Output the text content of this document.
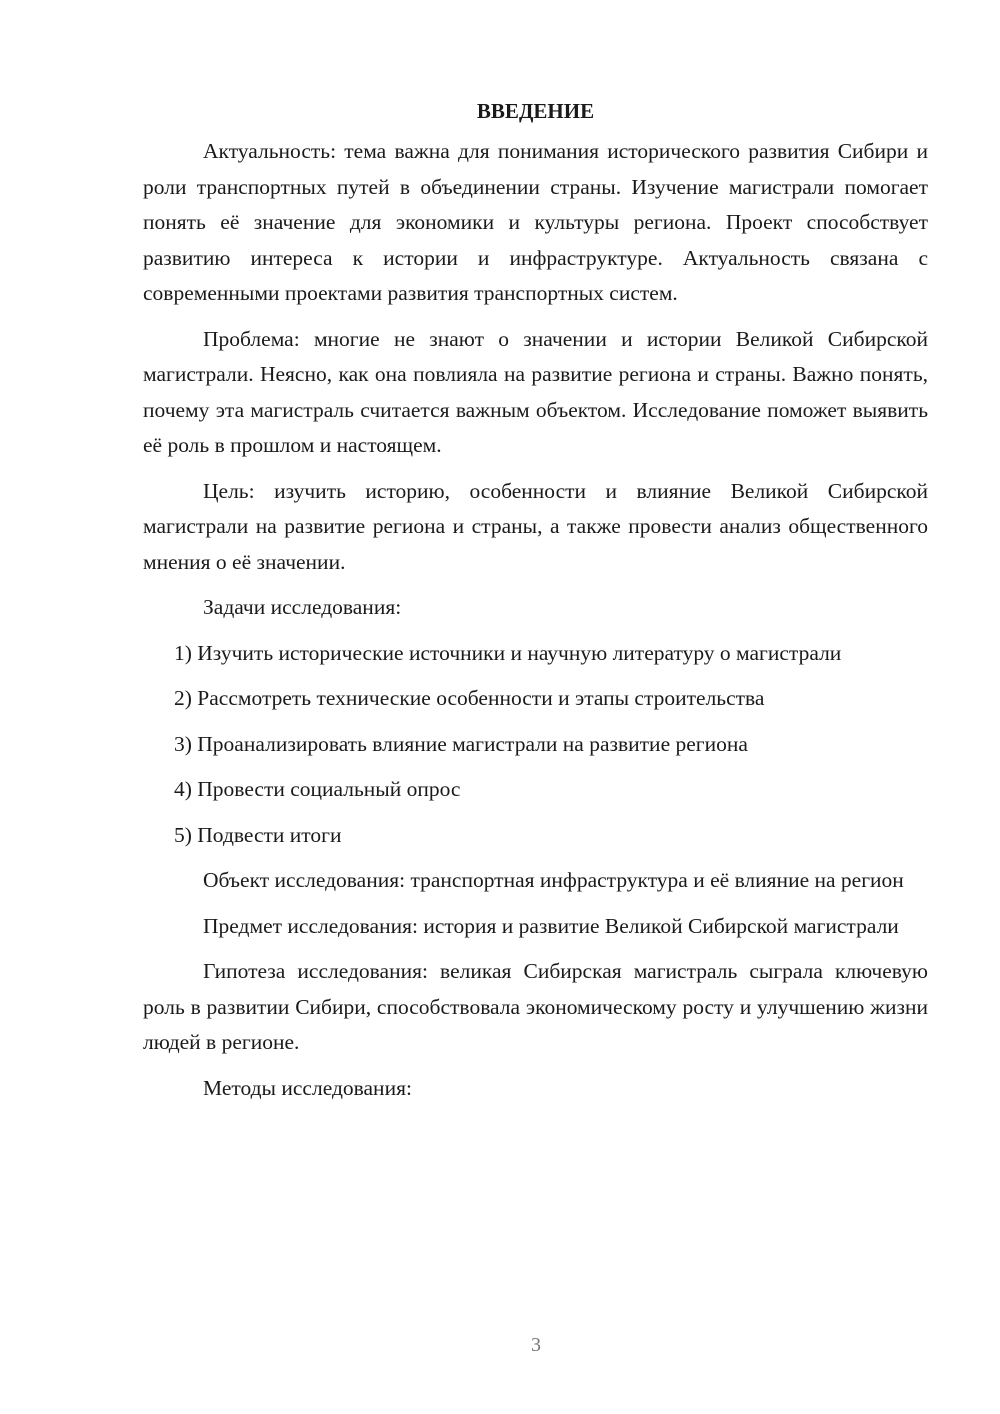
ВВЕДЕНИЕ

Актуальность: тема важна для понимания исторического развития Сибири и роли транспортных путей в объединении страны. Изучение магистрали помогает понять её значение для экономики и культуры региона. Проект способствует развитию интереса к истории и инфраструктуре. Актуальность связана с современными проектами развития транспортных систем.

Проблема: многие не знают о значении и истории Великой Сибирской магистрали. Неясно, как она повлияла на развитие региона и страны. Важно понять, почему эта магистраль считается важным объектом. Исследование поможет выявить её роль в прошлом и настоящем.

Цель: изучить историю, особенности и влияние Великой Сибирской магистрали на развитие региона и страны, а также провести анализ общественного мнения о её значении.

Задачи исследования:

1) Изучить исторические источники и научную литературу о магистрали

2) Рассмотреть технические особенности и этапы строительства

3) Проанализировать влияние магистрали на развитие региона

4) Провести социальный опрос

5) Подвести итоги

Объект исследования: транспортная инфраструктура и её влияние на регион

Предмет исследования: история и развитие Великой Сибирской магистрали

Гипотеза исследования: великая Сибирская магистраль сыграла ключевую роль в развитии Сибири, способствовала экономическому росту и улучшению жизни людей в регионе.

Методы исследования:

3
